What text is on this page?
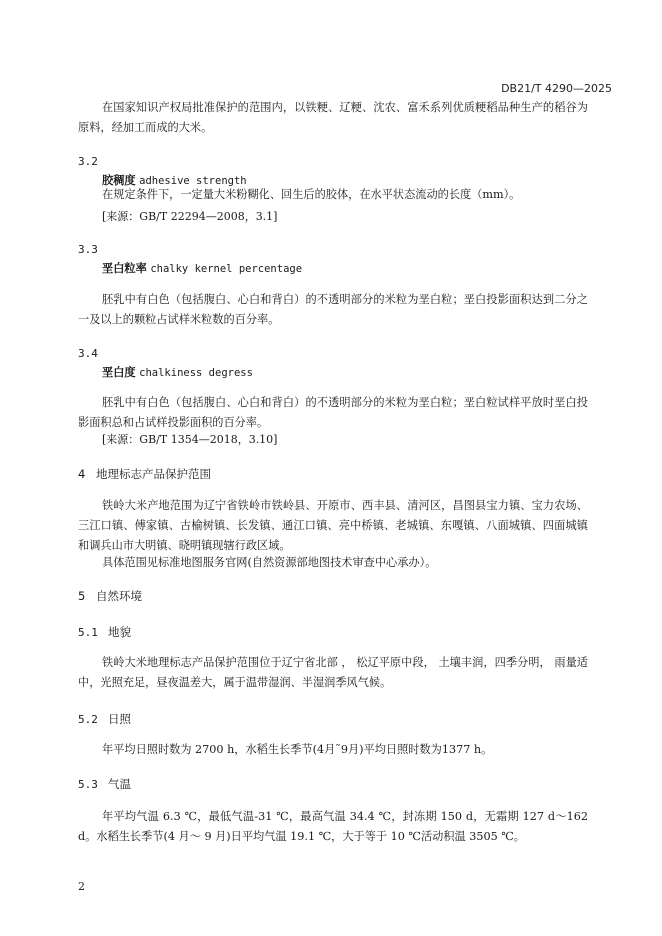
DB21/T 4290—2025
在国家知识产权局批准保护的范围内，以铁粳、辽粳、沈农、富禾系列优质粳稻品种生产的稻谷为原料，经加工而成的大米。
3.2
胶稠度 adhesive strength
在规定条件下，一定量大米粉糊化、回生后的胶体，在水平状态流动的长度（mm）。
[来源：GB/T 22294—2008，3.1]
3.3
垩白粒率 chalky kernel percentage
胚乳中有白色（包括腹白、心白和背白）的不透明部分的米粒为垩白粒；垩白投影面积达到二分之一及以上的颗粒占试样米粒数的百分率。
3.4
垩白度 chalkiness degress
胚乳中有白色（包括腹白、心白和背白）的不透明部分的米粒为垩白粒；垩白粒试样平放时垩白投影面积总和占试样投影面积的百分率。
[来源：GB/T 1354—2018，3.10]
4 地理标志产品保护范围
铁岭大米产地范围为辽宁省铁岭市铁岭县、开原市、西丰县、清河区，昌图县宝力镇、宝力农场、三江口镇、傅家镇、古榆树镇、长发镇、通江口镇、亮中桥镇、老城镇、东嘎镇、八面城镇、四面城镇和调兵山市大明镇、晓明镇现辖行政区域。
具体范围见标准地图服务官网(自然资源部地图技术审查中心承办）。
5 自然环境
5.1 地貌
铁岭大米地理标志产品保护范围位于辽宁省北部 ， 松辽平原中段， 土壤丰润，四季分明， 雨量适中，光照充足，昼夜温差大，属于温带湿润、半湿润季风气候。
5.2 日照
年平均日照时数为 2700 h，水稻生长季节(4月˜9月)平均日照时数为1377 h。
5.3 气温
年平均气温 6.3 ℃，最低气温-31 ℃，最高气温 34.4 ℃，封冻期 150 d，无霜期 127 d～162 d。水稻生长季节(4 月～ 9 月)日平均气温 19.1 ℃，大于等于 10 ℃活动积温 3505 ℃。
2
